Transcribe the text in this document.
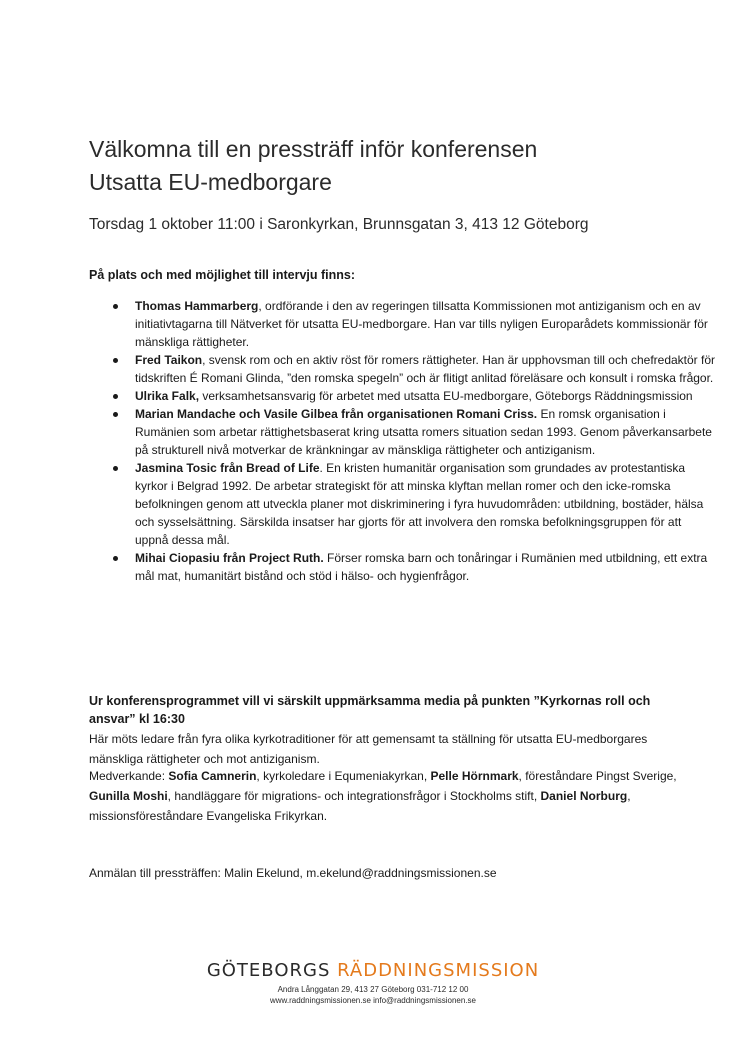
Välkomna till en pressträff inför konferensen
Utsatta EU-medborgare

Torsdag 1 oktober 11:00 i Saronkyrkan, Brunnsgatan 3, 413 12 Göteborg

På plats och med möjlighet till intervju finns:

Thomas Hammarberg, ordförande i den av regeringen tillsatta Kommissionen mot antiziganism och en av initiativtagarna till Nätverket för utsatta EU-medborgare. Han var tills nyligen Europarådets kommissionär för mänskliga rättigheter.
Fred Taikon, svensk rom och en aktiv röst för romers rättigheter. Han är upphovsman till och chefredaktör för tidskriften É Romani Glinda, ”den romska spegeln” och är flitigt anlitad föreläsare och konsult i romska frågor.
Ulrika Falk, verksamhetsansvarig för arbetet med utsatta EU-medborgare, Göteborgs Räddningsmission
Marian Mandache och Vasile Gilbea från organisationen Romani Criss. En romsk organisation i Rumänien som arbetar rättighetsbaserat kring utsatta romers situation sedan 1993. Genom påverkansarbete på strukturell nivå motverkar de kränkningar av mänskliga rättigheter och antiziganism.
Jasmina Tosic från Bread of Life. En kristen humanitär organisation som grundades av protestantiska kyrkor i Belgrad 1992. De arbetar strategiskt för att minska klyftan mellan romer och den icke-romska befolkningen genom att utveckla planer mot diskriminering i fyra huvudområden: utbildning, bostäder, hälsa och sysselsättning. Särskilda insatser har gjorts för att involvera den romska befolkningsgruppen för att uppnå dessa mål.
Mihai Ciopasiu från Project Ruth. Förser romska barn och tonåringar i Rumänien med utbildning, ett extra mål mat, humanitärt bistånd och stöd i hälso- och hygienfrågor.

Ur konferensprogrammet vill vi särskilt uppmärksamma media på punkten ”Kyrkornas roll och ansvar” kl 16:30

Här möts ledare från fyra olika kyrkotraditioner för att gemensamt ta ställning för utsatta EU-medborgares mänskliga rättigheter och mot antiziganism.

Medverkande: Sofia Camnerin, kyrkoledare i Equmeniakyrkan, Pelle Hörnmark, föreståndare Pingst Sverige, Gunilla Moshi, handläggare för migrations- och integrationsfrågor i Stockholms stift, Daniel Norburg, missionsföreståndare Evangeliska Frikyrkan.

Anmälan till pressträffen: Malin Ekelund, m.ekelund@raddningsmissionen.se

GÖTEBORGS RÄDDNINGSMISSION
Andra Långgatan 29, 413 27 Göteborg 031-712 12 00
www.raddningsmissionen.se info@raddningsmissionen.se
